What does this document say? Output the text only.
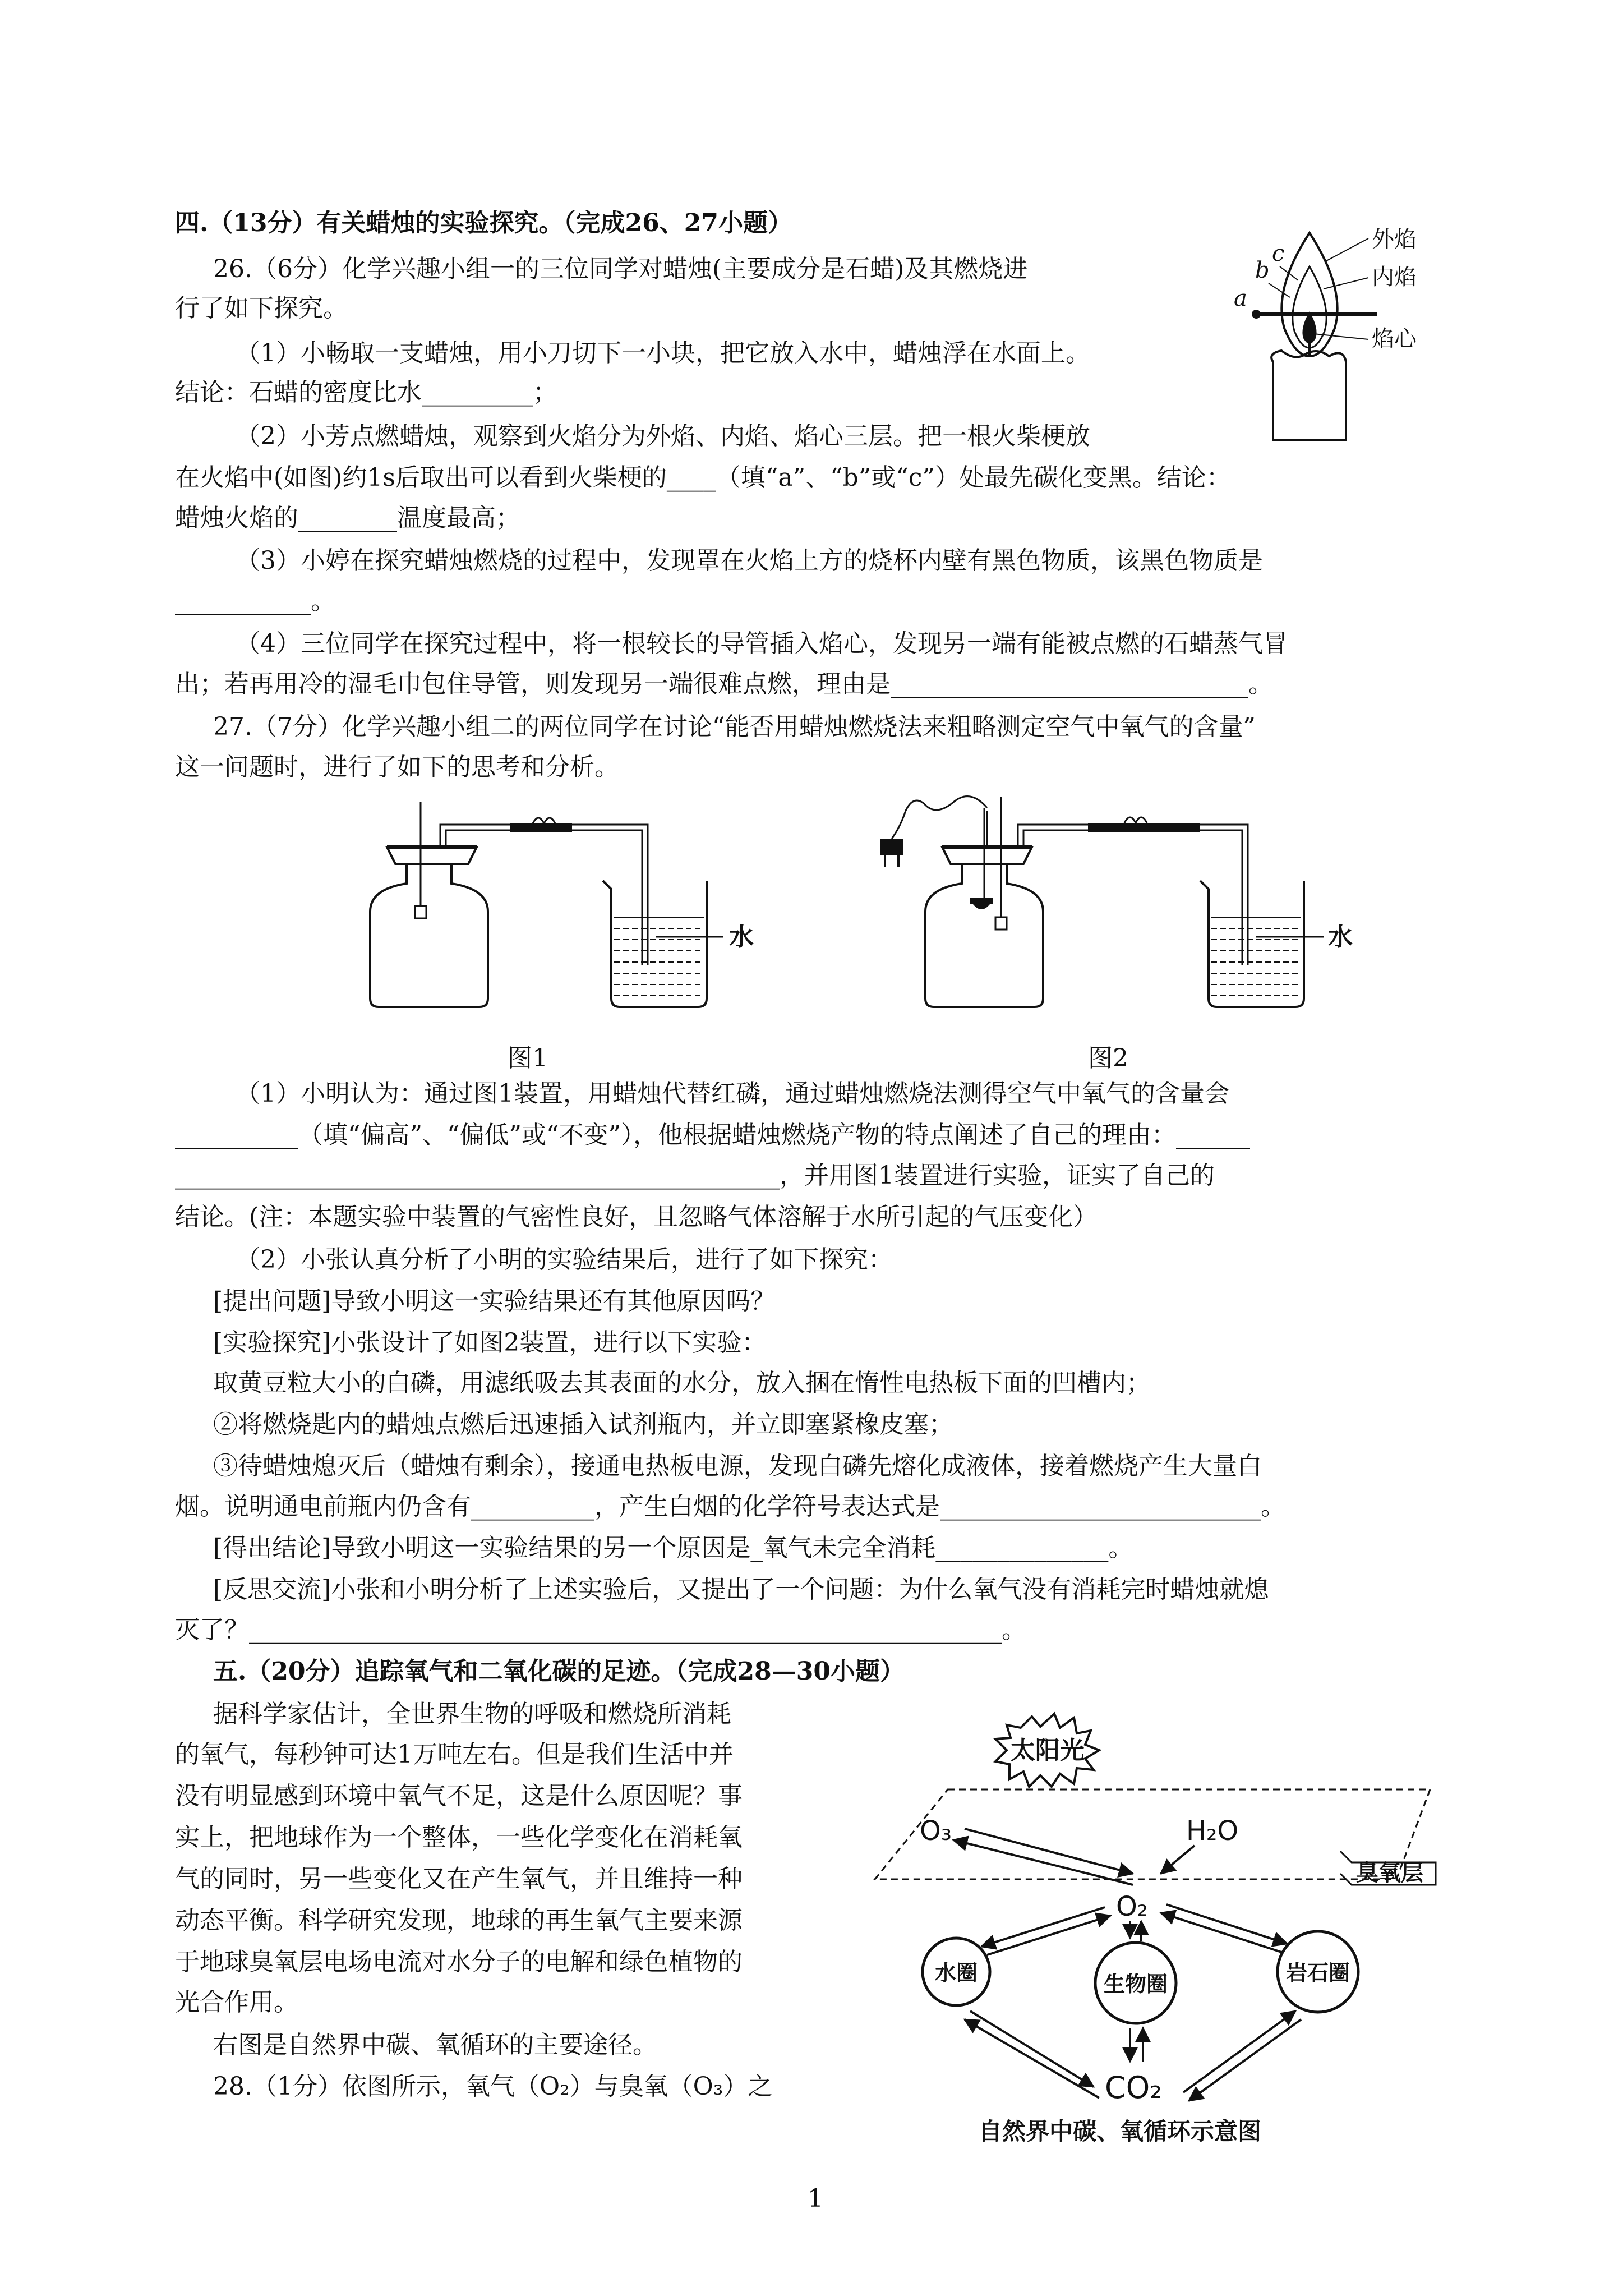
四.（13分）有关蜡烛的实验探究。（完成26、27小题）
26.（6分）化学兴趣小组一的三位同学对蜡烛(主要成分是石蜡)及其燃烧进
行了如下探究。
（1）小畅取一支蜡烛，用小刀切下一小块，把它放入水中，蜡烛浮在水面上。
结论：石蜡的密度比水_________；
（2）小芳点燃蜡烛，观察到火焰分为外焰、内焰、焰心三层。把一根火柴梗放
在火焰中(如图)约1s后取出可以看到火柴梗的____（填“a”、“b”或“c”）处最先碳化变黑。结论：
蜡烛火焰的________温度最高；
（3）小婷在探究蜡烛燃烧的过程中，发现罩在火焰上方的烧杯内壁有黑色物质，该黑色物质是
___________。
（4）三位同学在探究过程中，将一根较长的导管插入焰心，发现另一端有能被点燃的石蜡蒸气冒
出；若再用冷的湿毛巾包住导管，则发现另一端很难点燃，理由是_____________________________。
外焰
内焰
焰心
c
b
a
27.（7分）化学兴趣小组二的两位同学在讨论“能否用蜡烛燃烧法来粗略测定空气中氧气的含量”
这一问题时，进行了如下的思考和分析。
水	水
图1	图2
（1）小明认为：通过图1装置，用蜡烛代替红磷，通过蜡烛燃烧法测得空气中氧气的含量会
__________（填“偏高”、“偏低”或“不变”），他根据蜡烛燃烧产物的特点阐述了自己的理由：______
_________________________________________________，并用图1装置进行实验，证实了自己的
结论。(注：本题实验中装置的气密性良好，且忽略气体溶解于水所引起的气压变化）
（2）小张认真分析了小明的实验结果后，进行了如下探究：
[提出问题]导致小明这一实验结果还有其他原因吗？
[实验探究]小张设计了如图2装置，进行以下实验：
取黄豆粒大小的白磷，用滤纸吸去其表面的水分，放入捆在惰性电热板下面的凹槽内；
②将燃烧匙内的蜡烛点燃后迅速插入试剂瓶内，并立即塞紧橡皮塞；
③待蜡烛熄灭后（蜡烛有剩余），接通电热板电源，发现白磷先熔化成液体，接着燃烧产生大量白
烟。说明通电前瓶内仍含有__________，产生白烟的化学符号表达式是__________________________。
[得出结论]导致小明这一实验结果的另一个原因是_氧气未完全消耗______________。
[反思交流]小张和小明分析了上述实验后，又提出了一个问题：为什么氧气没有消耗完时蜡烛就熄
灭了？_____________________________________________________________。
五.（20分）追踪氧气和二氧化碳的足迹。（完成28—30小题）
据科学家估计，全世界生物的呼吸和燃烧所消耗
的氧气，每秒钟可达1万吨左右。但是我们生活中并
没有明显感到环境中氧气不足，这是什么原因呢？事
实上，把地球作为一个整体，一些化学变化在消耗氧
气的同时，另一些变化又在产生氧气，并且维持一种
动态平衡。科学研究发现，地球的再生氧气主要来源
于地球臭氧层电场电流对水分子的电解和绿色植物的
光合作用。
右图是自然界中碳、氧循环的主要途径。
28.（1分）依图所示，氧气（O₂）与臭氧（O₃）之
太阳光
O₃	H₂O
臭氧层
O₂
水圈	生物圈	岩石圈
CO₂
自然界中碳、氧循环示意图
1
